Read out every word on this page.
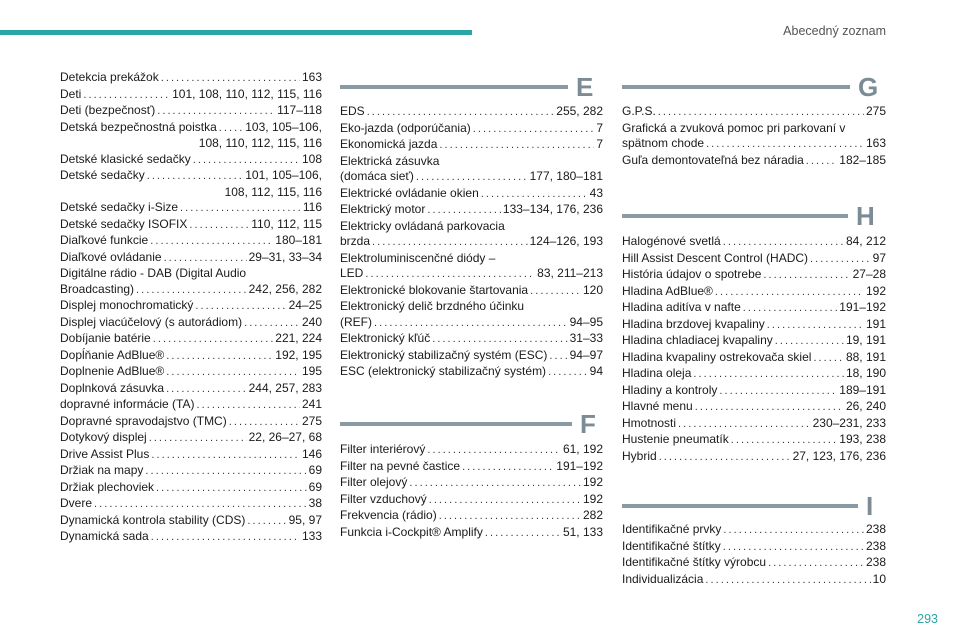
Abecedný zoznam
Detekcia prekážok . . .	163
Deti . . .	101, 108, 110, 112, 115, 116
Deti (bezpečnosť) . . .	117–118
Detská bezpečnostná poistka . . . 103, 105–106,
108, 110, 112, 115, 116
Detské klasické sedačky . . .	108
Detské sedačky . . .	101, 105–106,
108, 112, 115, 116
Detské sedačky i-Size . . .	116
Detské sedačky ISOFIX . . .	110, 112, 115
Diaľkové funkcie . . .	180–181
Diaľkové ovládanie . . .	29–31, 33–34
Digitálne rádio - DAB (Digital Audio
Broadcasting) . . .	242, 256, 282
Displej monochromatický . . .	24–25
Displej viacúčelový (s autorádiom) . . .	240
Dobíjanie batérie . . .	221, 224
Dopĺňanie AdBlue® . . .	192, 195
Doplnenie AdBlue® . . .	195
Doplnková zásuvka . . .	244, 257, 283
dopravné informácie (TA) . . .	241
Dopravné spravodajstvo (TMC) . . .	275
Dotykový displej . . .	22, 26–27, 68
Drive Assist Plus . . .	146
Držiak na mapy . . .	69
Držiak plechoviek . . .	69
Dvere . . .	38
Dynamická kontrola stability (CDS) . . .	95, 97
Dynamická sada . . .	133
E
EDS . . .	255, 282
Eko-jazda (odporúčania) . . .	7
Ekonomická jazda . . .	7
Elektrická zásuvka
(domáca sieť) . . .	177, 180–181
Elektrické ovládanie okien . . .	43
Elektrický motor . . .	133–134, 176, 236
Elektricky ovládaná parkovacia
brzda . . .	124–126, 193
Elektroluminiscenčné diódy –
LED . . .	83, 211–213
Elektronické blokovanie štartovania . . .	120
Elektronický delič brzdného účinku
(REF) . . .	94–95
Elektronický kľúč . . .	31–33
Elektronický stabilizačný systém (ESC) . . . 94–97
ESC (elektronický stabilizačný systém) . . .	94
F
Filter interiérový . . .	61, 192
Filter na pevné častice . . .	191–192
Filter olejový . . .	192
Filter vzduchový . . .	192
Frekvencia (rádio) . . .	282
Funkcia i-Cockpit® Amplify . . .	51, 133
G
G.P.S. . . .	275
Grafická a zvuková pomoc pri parkovaní v
spätnom chode . . .	163
Guľa demontovateľná bez náradia . . .	182–185
H
Halogénové svetlá . . .	84, 212
Hill Assist Descent Control (HADC) . . .	97
História údajov o spotrebe . . .	27–28
Hladina AdBlue® . . .	192
Hladina aditíva v nafte . . .	191–192
Hladina brzdovej kvapaliny . . .	191
Hladina chladiacej kvapaliny . . .	19, 191
Hladina kvapaliny ostrekovača skiel . . .	88, 191
Hladina oleja . . .	18, 190
Hladiny a kontroly . . .	189–191
Hlavné menu . . .	26, 240
Hmotnosti . . .	230–231, 233
Hustenie pneumatík . . .	193, 238
Hybrid . . .	27, 123, 176, 236
I
Identifikačné prvky . . .	238
Identifikačné štítky . . .	238
Identifikačné štítky výrobcu . . .	238
Individualizácia . . .	10
293
